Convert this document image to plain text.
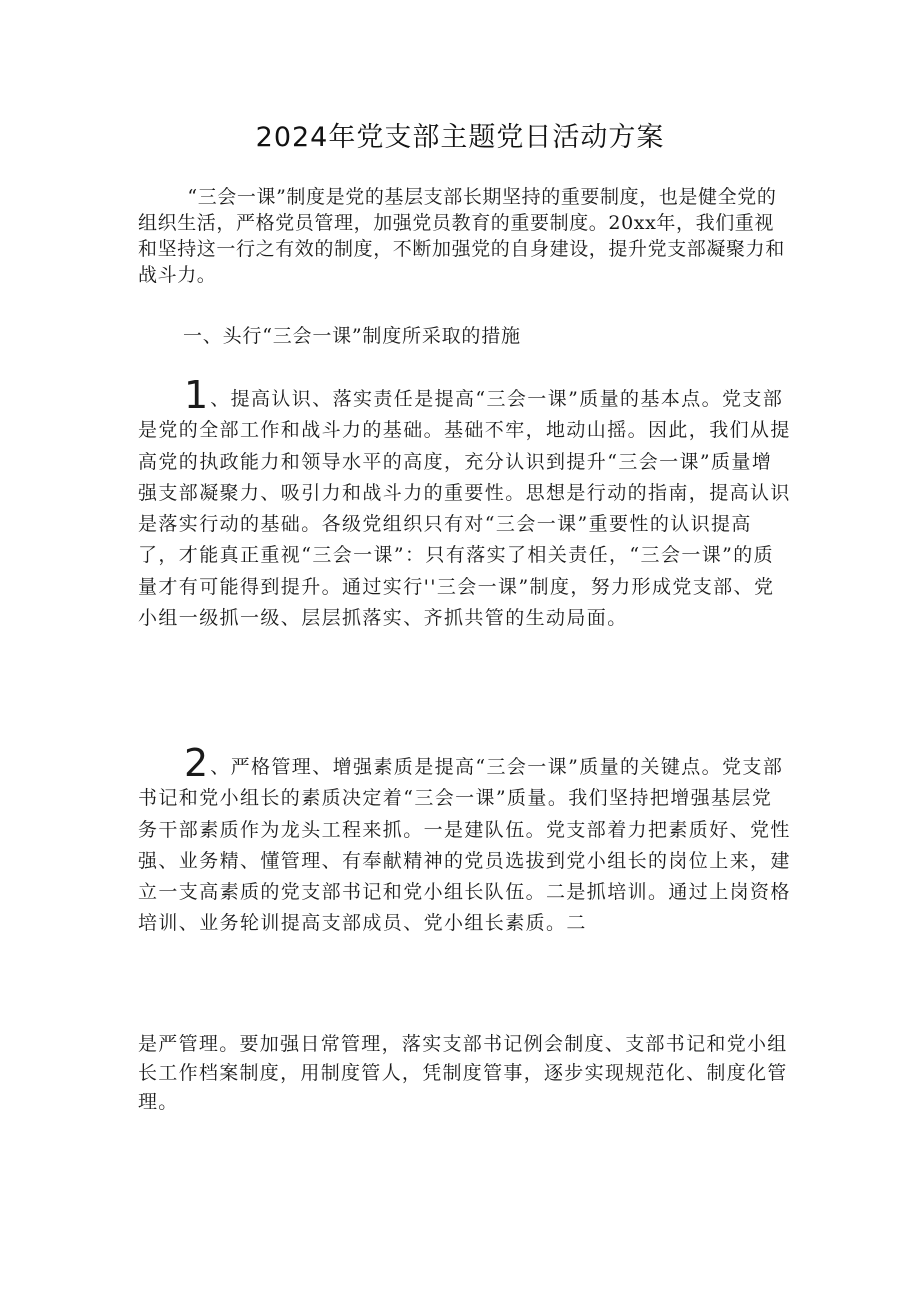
2024年党支部主题党日活动方案

“三会一课”制度是党的基层支部长期坚持的重要制度，也是健全党的组织生活，严格党员管理，加强党员教育的重要制度。20xx年，我们重视和坚持这一行之有效的制度，不断加强党的自身建设，提升党支部凝聚力和战斗力。

一、头行“三会一课”制度所采取的措施

1 、提高认识、落实责任是提高“三会一课”质量的基本点。党支部是党的全部工作和战斗力的基础。基础不牢，地动山摇。因此，我们从提高党的执政能力和领导水平的高度，充分认识到提升“三会一课”质量增强支部凝聚力、吸引力和战斗力的重要性。思想是行动的指南，提高认识是落实行动的基础。各级党组织只有对“三会一课”重要性的认识提高了，才能真正重视“三会一课”：只有落实了相关责任，“三会一课”的质量才有可能得到提升。通过实行''三会一课”制度，努力形成党支部、党小组一级抓一级、层层抓落实、齐抓共管的生动局面。

2 、严格管理、增强素质是提高“三会一课”质量的关键点。党支部书记和党小组长的素质决定着“三会一课”质量。我们坚持把增强基层党务干部素质作为龙头工程来抓。一是建队伍。党支部着力把素质好、党性强、业务精、懂管理、有奉献精神的党员选拔到党小组长的岗位上来，建立一支高素质的党支部书记和党小组长队伍。二是抓培训。通过上岗资格培训、业务轮训提高支部成员、党小组长素质。二

是严管理。要加强日常管理，落实支部书记例会制度、支部书记和党小组长工作档案制度，用制度管人，凭制度管事，逐步实现规范化、制度化管理。
